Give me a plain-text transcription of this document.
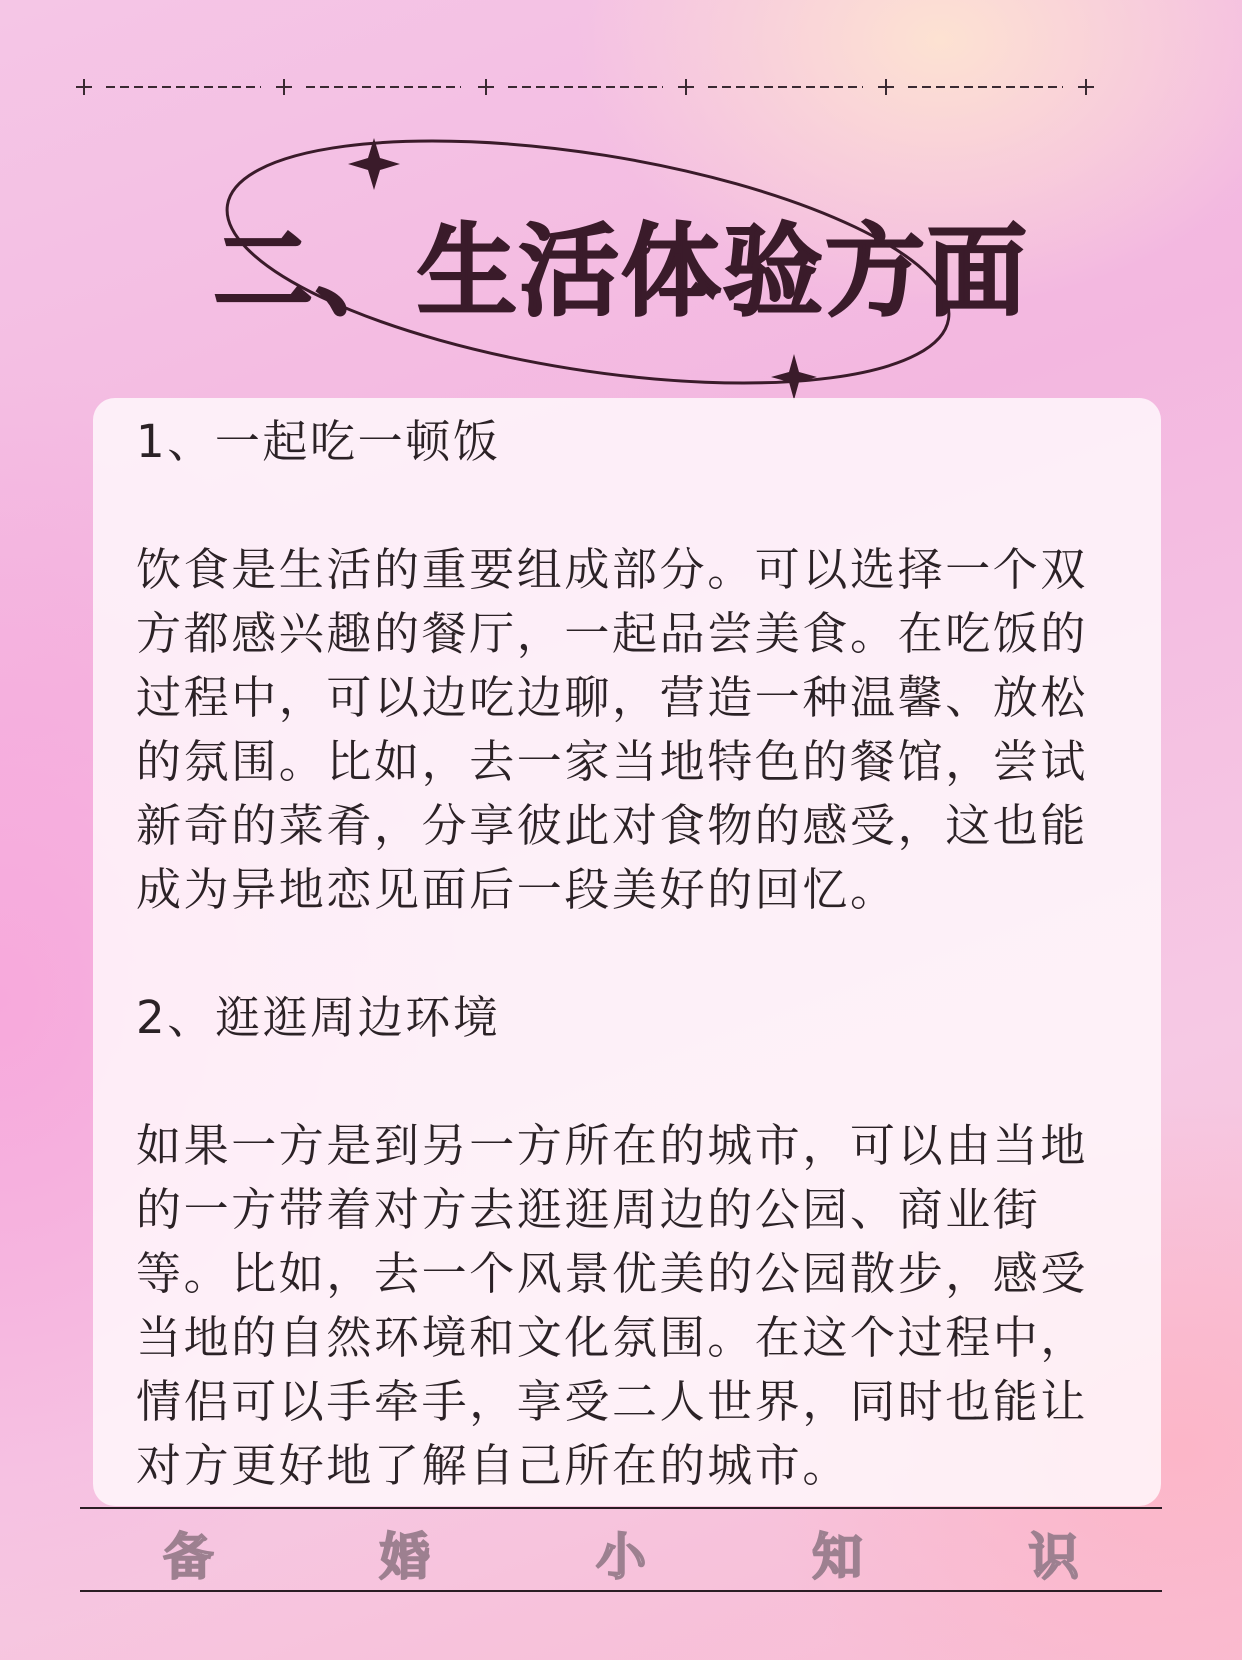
二、生活体验方面

1、一起吃一顿饭

饮食是生活的重要组成部分。可以选择一个双方都感兴趣的餐厅，一起品尝美食。在吃饭的过程中，可以边吃边聊，营造一种温馨、放松的氛围。比如，去一家当地特色的餐馆，尝试新奇的菜肴，分享彼此对食物的感受，这也能成为异地恋见面后一段美好的回忆。

2、逛逛周边环境

如果一方是到另一方所在的城市，可以由当地的一方带着对方去逛逛周边的公园、商业街等。比如，去一个风景优美的公园散步，感受当地的自然环境和文化氛围。在这个过程中，情侣可以手牵手，享受二人世界，同时也能让对方更好地了解自己所在的城市。

备	婚	小	知	识
